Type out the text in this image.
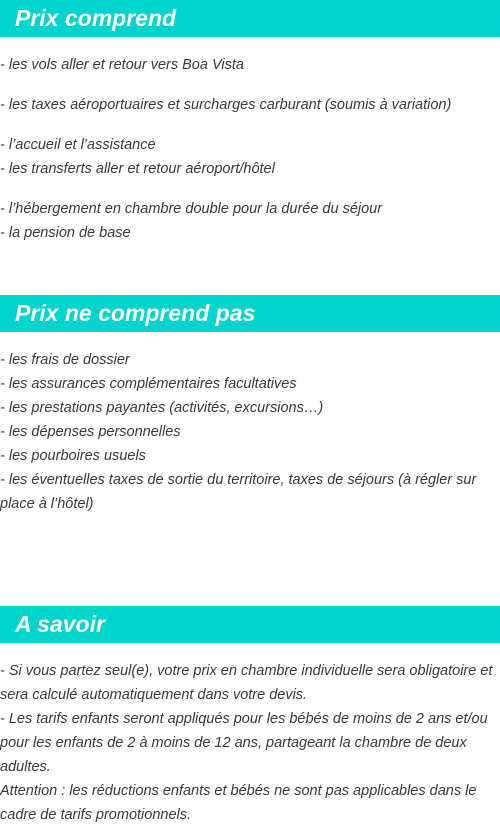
Prix comprend

- les vols aller et retour vers Boa Vista

- les taxes aéroportuaires et surcharges carburant (soumis à variation)

- l’accueil et l’assistance

- les transferts aller et retour aéroport/hôtel

- l’hébergement en chambre double pour la durée du séjour

- la pension de base

Prix ne comprend pas

- les frais de dossier

- les assurances complémentaires facultatives

- les prestations payantes (activités, excursions…)

- les dépenses personnelles

- les pourboires usuels

- les éventuelles taxes de sortie du territoire, taxes de séjours (à régler sur place à l’hôtel)

A savoir

- Si vous partez seul(e), votre prix en chambre individuelle sera obligatoire et sera calculé automatiquement dans votre devis.

- Les tarifs enfants seront appliqués pour les bébés de moins de 2 ans et/ou pour les enfants de 2 à moins de 12 ans, partageant la chambre de deux adultes.

Attention : les réductions enfants et bébés ne sont pas applicables dans le cadre de tarifs promotionnels.
